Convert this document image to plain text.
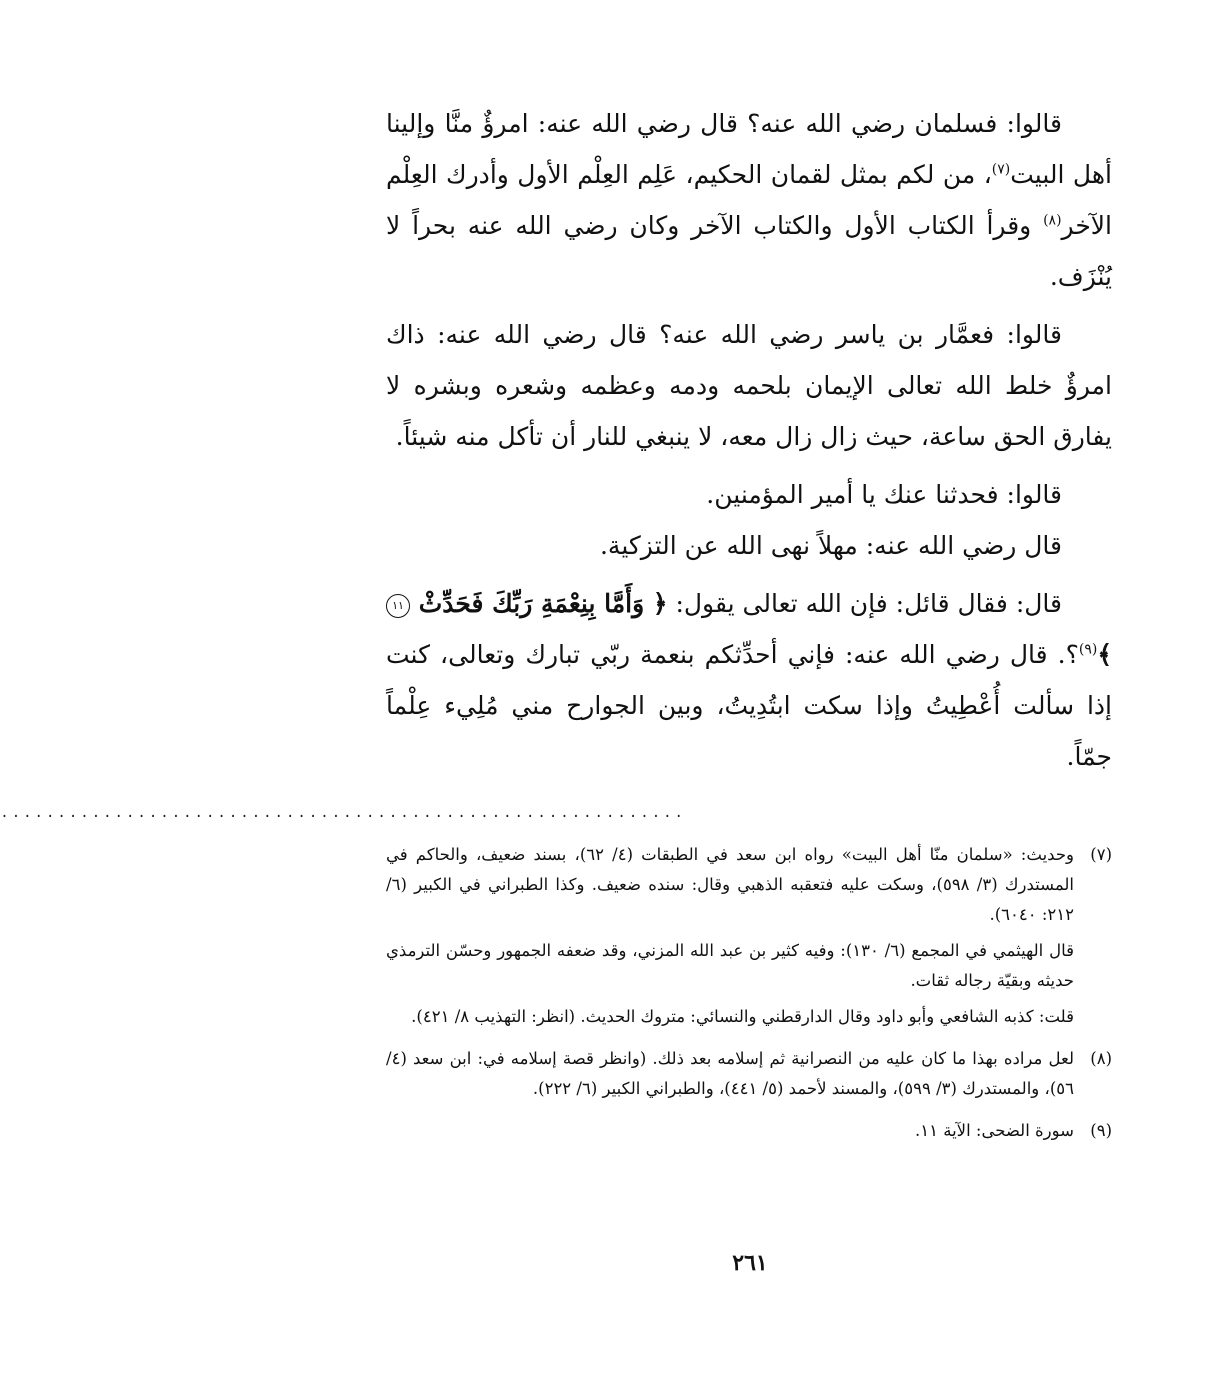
قالوا: فسلمان رضي الله عنه؟ قال رضي الله عنه: امرؤٌ منَّا وإلينا أهل البيت$^{(٧)}$، من لكم بمثل لقمان الحكيم، عَلِم العِلْم الأول وأدرك العِلْم الآخر$^{(٨)}$ وقرأ الكتاب الأول والكتاب الآخر وكان رضي الله عنه بحراً لا يُنْزَف.

قالوا: فعمَّار بن ياسر رضي الله عنه؟ قال رضي الله عنه: ذاك امرؤٌ خلط الله تعالى الإيمان بلحمه ودمه وعظمه وشعره وبشره لا يفارق الحق ساعة، حيث زال زال معه، لا ينبغي للنار أن تأكل منه شيئاً.

قالوا: فحدثنا عنك يا أمير المؤمنين.

قال رضي الله عنه: مهلاً نهى الله عن التزكية.

قال: فقال قائل: فإن الله تعالى يقول: ﴿ وَأَمَّا بِنِعْمَةِ رَبِّكَ فَحَدِّثْ ١١ ﴾$^{(٩)}$؟. قال رضي الله عنه: فإني أحدِّثكم بنعمة ربّي تبارك وتعالى، كنت إذا سألت أُعْطِيتُ وإذا سكت ابتُدِيتُ، وبين الجوارح مني مُلِيء عِلْماً جمّاً.

............................................................
(٧)

وحديث: «سلمان منّا أهل البيت» رواه ابن سعد في الطبقات (٤/ ٦٢)، بسند ضعيف، والحاكم في المستدرك (٣/ ٥٩٨)، وسكت عليه فتعقبه الذهبي وقال: سنده ضعيف. وكذا الطبراني في الكبير (٦/ ٢١٢: ٦٠٤٠).

قال الهيثمي في المجمع (٦/ ١٣٠): وفيه كثير بن عبد الله المزني، وقد ضعفه الجمهور وحسّن الترمذي حديثه وبقيّة رجاله ثقات.

قلت: كذبه الشافعي وأبو داود وقال الدارقطني والنسائي: متروك الحديث. (انظر: التهذيب ٨/ ٤٢١).

(٨)

لعل مراده بهذا ما كان عليه من النصرانية ثم إسلامه بعد ذلك. (وانظر قصة إسلامه في: ابن سعد (٤/ ٥٦)، والمستدرك (٣/ ٥٩٩)، والمسند لأحمد (٥/ ٤٤١)، والطبراني الكبير (٦/ ٢٢٢).

(٩)

سورة الضحى: الآية ١١.

٢٦١
